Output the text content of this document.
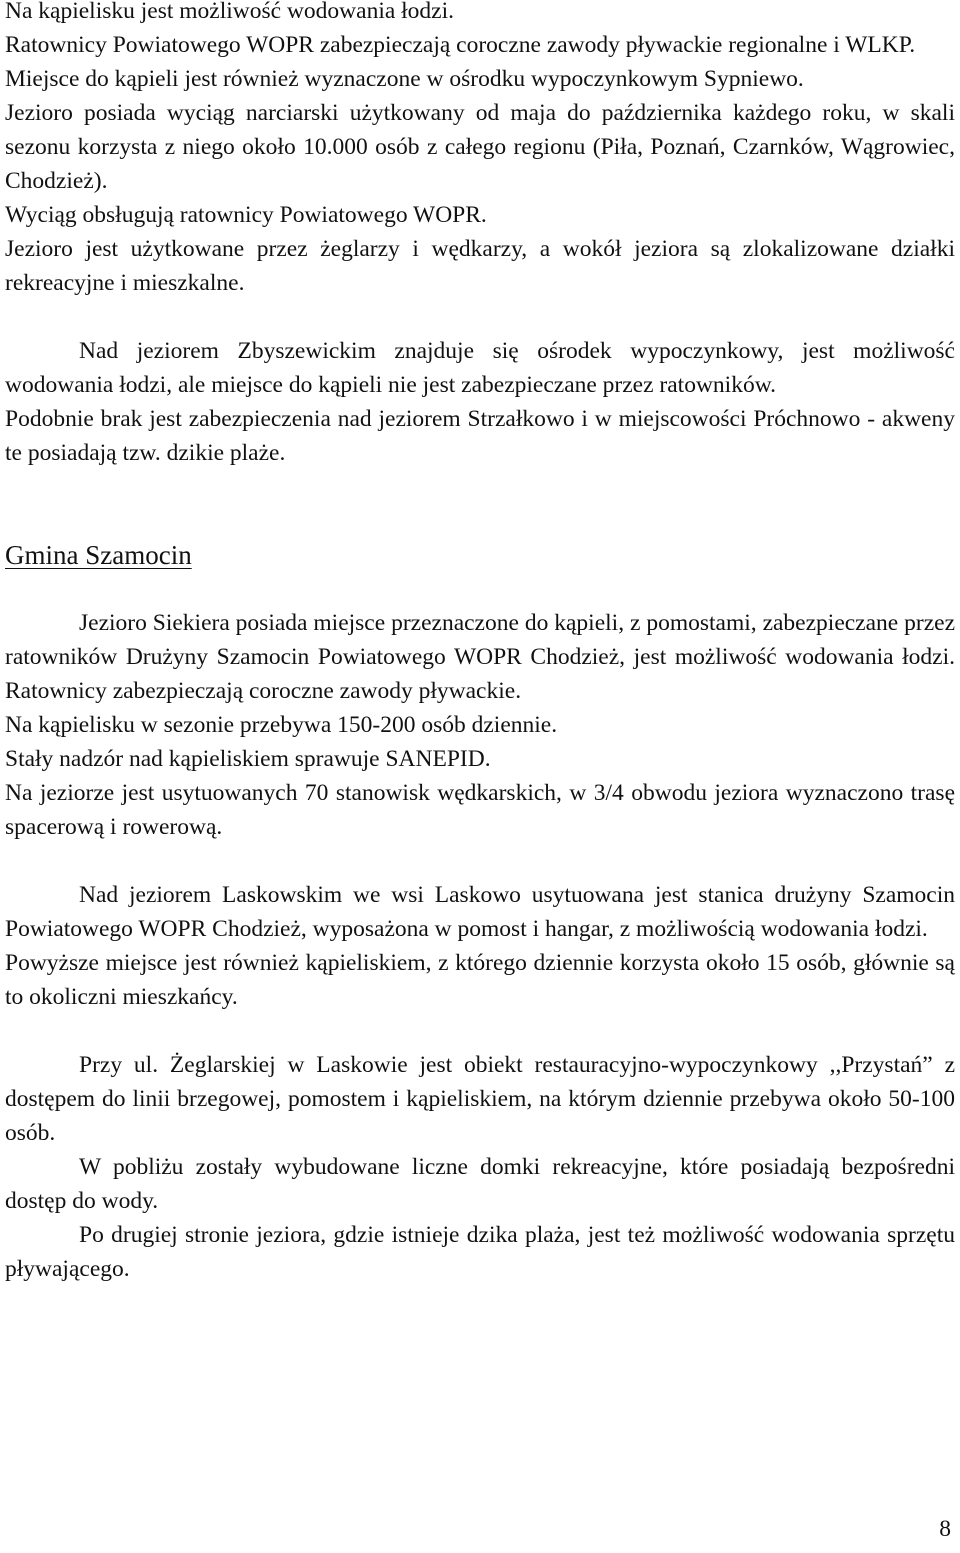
Na kąpielisku jest możliwość wodowania łodzi.

Ratownicy Powiatowego WOPR zabezpieczają coroczne zawody pływackie regionalne i WLKP.

Miejsce do kąpieli jest również wyznaczone w ośrodku wypoczynkowym Sypniewo.

Jezioro posiada wyciąg narciarski użytkowany od maja do października każdego roku, w skali sezonu korzysta z niego około 10.000 osób z całego regionu (Piła, Poznań, Czarnków, Wągrowiec, Chodzież).

Wyciąg obsługują ratownicy Powiatowego WOPR.

Jezioro jest użytkowane przez żeglarzy i wędkarzy, a wokół jeziora są zlokalizowane działki rekreacyjne i mieszkalne.

Nad jeziorem Zbyszewickim znajduje się ośrodek wypoczynkowy, jest możliwość wodowania łodzi, ale miejsce do kąpieli nie jest zabezpieczane przez ratowników.

Podobnie brak jest zabezpieczenia nad jeziorem Strzałkowo i w miejscowości Próchnowo - akweny te posiadają tzw. dzikie plaże.

Gmina Szamocin

Jezioro Siekiera posiada miejsce przeznaczone do kąpieli, z pomostami, zabezpieczane przez ratowników Drużyny Szamocin Powiatowego WOPR Chodzież, jest możliwość wodowania łodzi. Ratownicy zabezpieczają coroczne zawody pływackie.

Na kąpielisku w sezonie przebywa 150-200 osób dziennie.

Stały nadzór nad kąpieliskiem sprawuje SANEPID.

Na jeziorze jest usytuowanych 70 stanowisk wędkarskich, w 3/4 obwodu jeziora wyznaczono trasę spacerową i rowerową.

Nad jeziorem Laskowskim we wsi Laskowo usytuowana jest stanica drużyny Szamocin Powiatowego WOPR Chodzież, wyposażona w pomost i hangar, z możliwością wodowania łodzi.

Powyższe miejsce jest również kąpieliskiem, z którego dziennie korzysta około 15 osób, głównie są to okoliczni mieszkańcy.

Przy ul. Żeglarskiej w Laskowie jest obiekt restauracyjno-wypoczynkowy ,,Przystań” z dostępem do linii brzegowej, pomostem i kąpieliskiem, na którym dziennie przebywa około 50-100 osób.

W pobliżu zostały wybudowane liczne domki rekreacyjne, które posiadają bezpośredni dostęp do wody.

Po drugiej stronie jeziora, gdzie istnieje dzika plaża, jest też możliwość wodowania sprzętu pływającego.

8
